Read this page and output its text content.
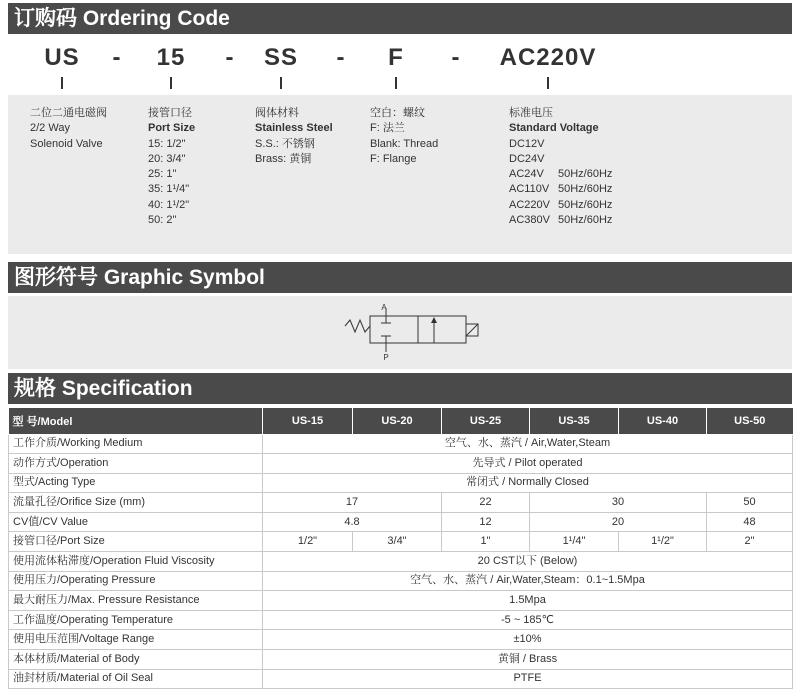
订购码 Ordering Code
US - 15 - SS - F - AC220V
二位二通电磁阀
2/2 Way
Solenoid Valve
接管口径
Port Size
15: 1/2"
20: 3/4"
25: 1"
35: 1¹/4"
40: 1¹/2"
50: 2"
阀体材料
Stainless Steel
S.S.: 不锈钢
Brass: 黄铜
空白：螺纹
F: 法兰
Blank: Thread
F: Flange
标准电压
Standard Voltage
DC12V
DC24V
AC24V 50Hz/60Hz
AC110V 50Hz/60Hz
AC220V 50Hz/60Hz
AC380V 50Hz/60Hz
图形符号 Graphic Symbol
A
P
规格 Specification
型 号/Model	US-15	US-20	US-25	US-35	US-40	US-50
工作介质/Working Medium	空气、水、蒸汽 / Air,Water,Steam					
动作方式/Operation	先导式 / Pilot operated					
型式/Acting Type	常闭式 / Normally Closed					
流量孔径/Orifice Size (mm)	17		22	30		50
CV值/CV Value	4.8		12	20		48
接管口径/Port Size	1/2"	3/4"	1"	1¹/4"	1¹/2"	2"
使用流体粘滞度/Operation Fluid Viscosity	20 CST以下 (Below)					
使用压力/Operating Pressure	空气、水、蒸汽 / Air,Water,Steam：0.1~1.5Mpa					
最大耐压力/Max. Pressure Resistance	1.5Mpa					
工作温度/Operating Temperature	-5 ~ 185℃					
使用电压范围/Voltage Range	±10%					
本体材质/Material of Body	黄铜 / Brass					
油封材质/Material of Oil Seal	PTFE					
